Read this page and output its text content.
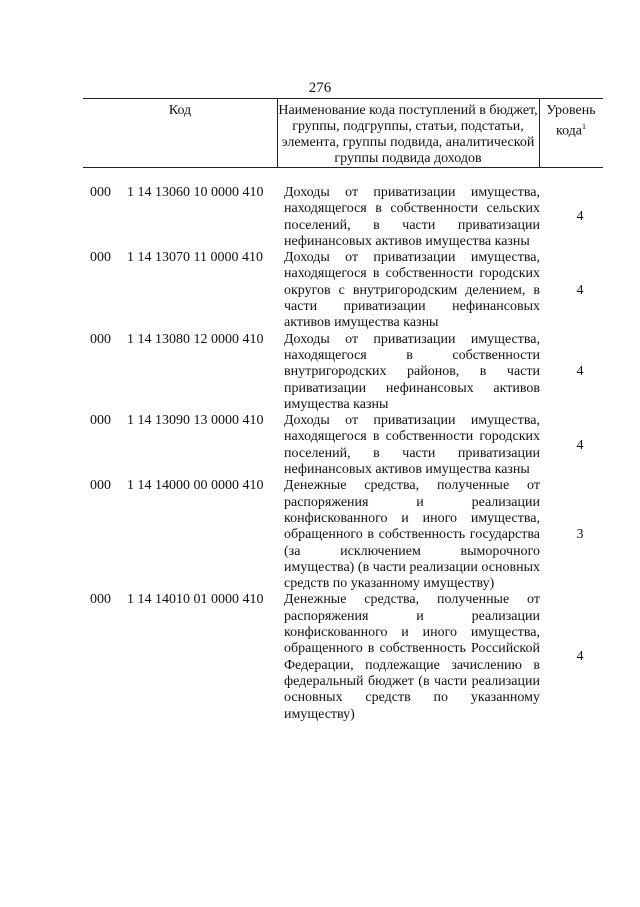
276
Код	Наименование кода поступлений в бюджет, группы, подгруппы, статьи, подстатьи, элемента, группы подвида, аналитической группы подвида доходов
Уровень кода$^1$
000 1 14 13060 10 0000 410 Доходы от приватизации имущества, находящегося в собственности сельских поселений, в части приватизации нефинансовых активов имущества казны
4
000 1 14 13070 11 0000 410 Доходы от приватизации имущества, находящегося в собственности городских округов с внутригородским делением, в части приватизации нефинансовых активов имущества казны
4
000 1 14 13080 12 0000 410 Доходы от приватизации имущества, находящегося в собственности внутригородских районов, в части приватизации нефинансовых активов имущества казны
4
000 1 14 13090 13 0000 410 Доходы от приватизации имущества, находящегося в собственности городских поселений, в части приватизации нефинансовых активов имущества казны
4
000 1 14 14000 00 0000 410 Денежные средства, полученные от распоряжения и реализации конфискованного и иного имущества, обращенного в собственность государства (за исключением выморочного имущества) (в части реализации основных средств по указанному имуществу)
3
000 1 14 14010 01 0000 410 Денежные средства, полученные от распоряжения и реализации конфискованного и иного имущества, обращенного в собственность Российской Федерации, подлежащие зачислению в федеральный бюджет (в части реализации основных средств по указанному имуществу)
4
